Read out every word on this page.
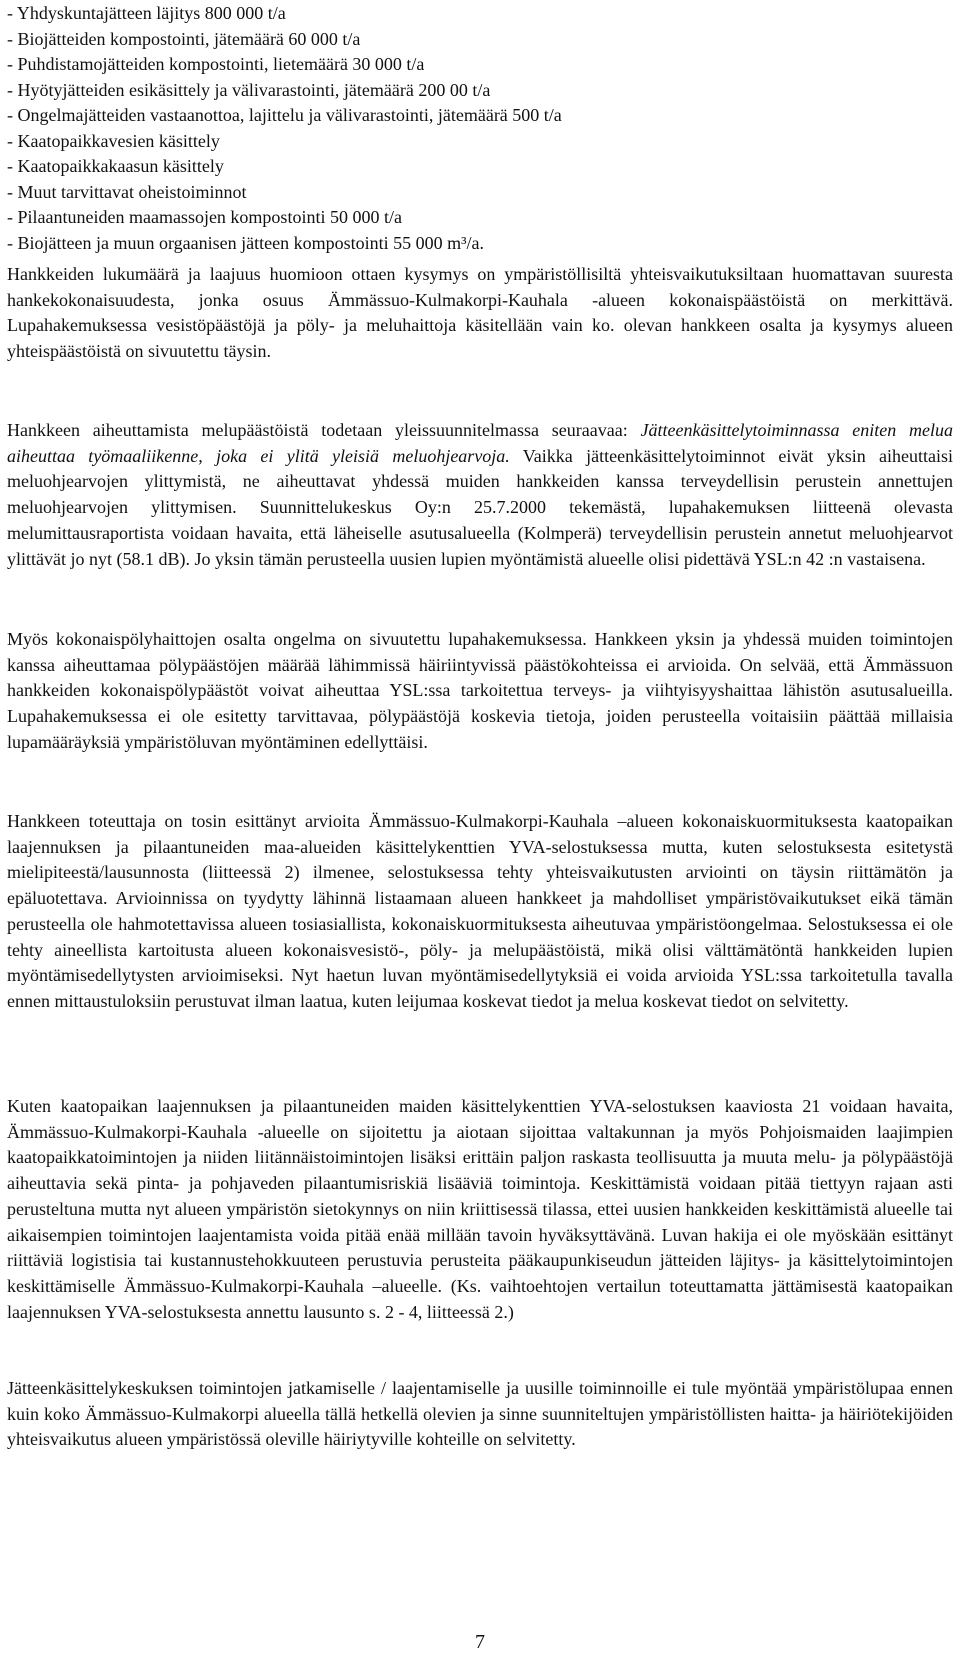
- Yhdyskuntajätteen läjitys 800 000 t/a
- Biojätteiden kompostointi, jätemäärä 60 000 t/a
- Puhdistamojätteiden kompostointi, lietemäärä 30 000 t/a
- Hyötyjätteiden esikäsittely ja välivarastointi, jätemäärä 200 00 t/a
- Ongelmajätteiden vastaanottoa, lajittelu ja välivarastointi, jätemäärä 500 t/a
- Kaatopaikkavesien käsittely
- Kaatopaikkakaasun käsittely
- Muut tarvittavat oheistoiminnot
- Pilaantuneiden maamassojen kompostointi 50 000 t/a
- Biojätteen ja muun orgaanisen jätteen kompostointi 55 000 m³/a.

Hankkeiden lukumäärä ja laajuus huomioon ottaen kysymys on ympäristöllisiltä yhteisvaikutuksiltaan huomattavan suuresta hankekokonaisuudesta, jonka osuus Ämmässuo-Kulmakorpi-Kauhala -alueen kokonaispäästöistä on merkittävä. Lupahakemuksessa vesistöpäästöjä ja pöly- ja meluhaittoja käsitellään vain ko. olevan hankkeen osalta ja kysymys alueen yhteispäästöistä on sivuutettu täysin.

Hankkeen aiheuttamista melupäästöistä todetaan yleissuunnitelmassa seuraavaa: Jätteenkäsittelytoiminnassa eniten melua aiheuttaa työmaaliikenne, joka ei ylitä yleisiä meluohjearvoja. Vaikka jätteenkäsittelytoiminnot eivät yksin aiheuttaisi meluohjearvojen ylittymistä, ne aiheuttavat yhdessä muiden hankkeiden kanssa terveydellisin perustein annettujen meluohjearvojen ylittymisen. Suunnittelukeskus Oy:n 25.7.2000 tekemästä, lupahakemuksen liitteenä olevasta melumittausraportista voidaan havaita, että läheiselle asutusalueella (Kolmperä) terveydellisin perustein annetut meluohjearvot ylittävät jo nyt (58.1 dB). Jo yksin tämän perusteella uusien lupien myöntämistä alueelle olisi pidettävä YSL:n 42 :n vastaisena.

Myös kokonaispölyhaittojen osalta ongelma on sivuutettu lupahakemuksessa. Hankkeen yksin ja yhdessä muiden toimintojen kanssa aiheuttamaa pölypäästöjen määrää lähimmissä häiriintyvissä päästökohteissa ei arvioida. On selvää, että Ämmässuon hankkeiden kokonaispölypäästöt voivat aiheuttaa YSL:ssa tarkoitettua terveys- ja viihtyisyyshaittaa lähistön asutusalueilla. Lupahakemuksessa ei ole esitetty tarvittavaa, pölypäästöjä koskevia tietoja, joiden perusteella voitaisiin päättää millaisia lupamääräyksiä ympäristöluvan myöntäminen edellyttäisi.

Hankkeen toteuttaja on tosin esittänyt arvioita Ämmässuo-Kulmakorpi-Kauhala –alueen kokonaiskuormituksesta kaatopaikan laajennuksen ja pilaantuneiden maa-alueiden käsittelykenttien YVA-selostuksessa mutta, kuten selostuksesta esitetystä mielipiteestä/lausunnosta (liitteessä 2) ilmenee, selostuksessa tehty yhteisvaikutusten arviointi on täysin riittämätön ja epäluotettava. Arvioinnissa on tyydytty lähinnä listaamaan alueen hankkeet ja mahdolliset ympäristövaikutukset eikä tämän perusteella ole hahmotettavissa alueen tosiasiallista, kokonaiskuormituksesta aiheutuvaa ympäristöongelmaa. Selostuksessa ei ole tehty aineellista kartoitusta alueen kokonaisvesistö-, pöly- ja melupäästöistä, mikä olisi välttämätöntä hankkeiden lupien myöntämisedellytysten arvioimiseksi. Nyt haetun luvan myöntämisedellytyksiä ei voida arvioida YSL:ssa tarkoitetulla tavalla ennen mittaustuloksiin perustuvat ilman laatua, kuten leijumaa koskevat tiedot ja melua koskevat tiedot on selvitetty.

Kuten kaatopaikan laajennuksen ja pilaantuneiden maiden käsittelykenttien YVA-selostuksen kaaviosta 21 voidaan havaita, Ämmässuo-Kulmakorpi-Kauhala -alueelle on sijoitettu ja aiotaan sijoittaa valtakunnan ja myös Pohjoismaiden laajimpien kaatopaikkatoimintojen ja niiden liitännäistoimintojen lisäksi erittäin paljon raskasta teollisuutta ja muuta melu- ja pölypäästöjä aiheuttavia sekä pinta- ja pohjaveden pilaantumisriskiä lisääviä toimintoja. Keskittämistä voidaan pitää tiettyyn rajaan asti perusteltuna mutta nyt alueen ympäristön sietokynnys on niin kriittisessä tilassa, ettei uusien hankkeiden keskittämistä alueelle tai aikaisempien toimintojen laajentamista voida pitää enää millään tavoin hyväksyttävänä. Luvan hakija ei ole myöskään esittänyt riittäviä logistisia tai kustannustehokkuuteen perustuvia perusteita pääkaupunkiseudun jätteiden läjitys- ja käsittelytoimintojen keskittämiselle Ämmässuo-Kulmakorpi-Kauhala –alueelle. (Ks. vaihtoehtojen vertailun toteuttamatta jättämisestä kaatopaikan laajennuksen YVA-selostuksesta annettu lausunto s. 2 - 4, liitteessä 2.)

Jätteenkäsittelykeskuksen toimintojen jatkamiselle / laajentamiselle ja uusille toiminnoille ei tule myöntää ympäristölupaa ennen kuin koko Ämmässuo-Kulmakorpi alueella tällä hetkellä olevien ja sinne suunniteltujen ympäristöllisten haitta- ja häiriötekijöiden yhteisvaikutus alueen ympäristössä oleville häiriytyville kohteille on selvitetty.

7
